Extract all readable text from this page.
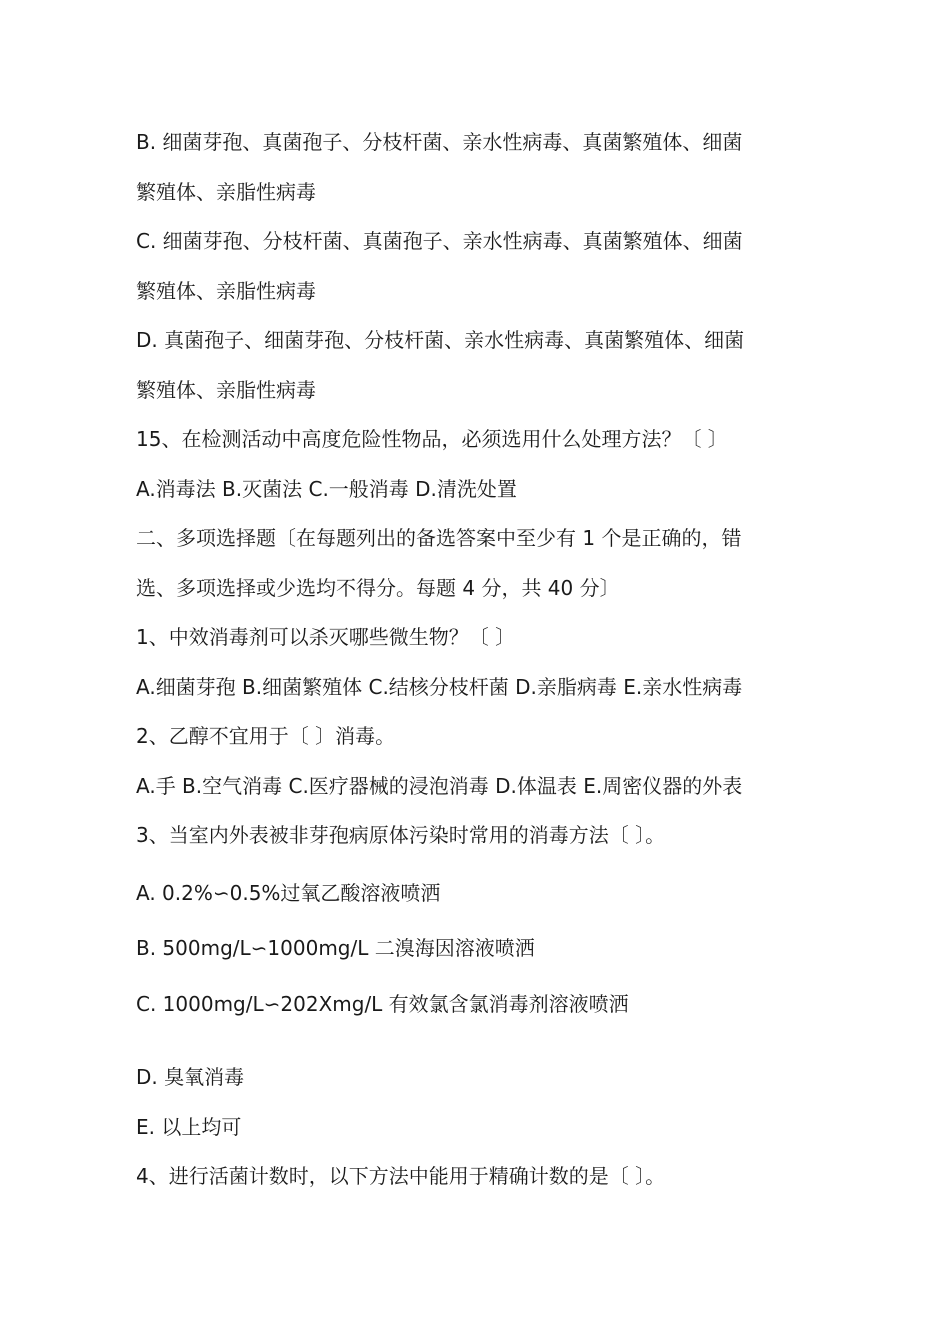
B. 细菌芽孢、真菌孢子、分枝杆菌、亲水性病毒、真菌繁殖体、细菌
繁殖体、亲脂性病毒
C. 细菌芽孢、分枝杆菌、真菌孢子、亲水性病毒、真菌繁殖体、细菌
繁殖体、亲脂性病毒
D. 真菌孢子、细菌芽孢、分枝杆菌、亲水性病毒、真菌繁殖体、细菌
繁殖体、亲脂性病毒
15、在检测活动中高度危险性物品，必须选用什么处理方法？〔 〕
A.消毒法 B.灭菌法 C.一般消毒 D.清洗处置
二、多项选择题〔在每题列出的备选答案中至少有 1 个是正确的，错
选、多项选择或少选均不得分。每题 4 分，共 40 分〕
1、中效消毒剂可以杀灭哪些微生物？〔 〕
A.细菌芽孢 B.细菌繁殖体 C.结核分枝杆菌 D.亲脂病毒 E.亲水性病毒
2、乙醇不宜用于〔 〕消毒。
A.手 B.空气消毒 C.医疗器械的浸泡消毒 D.体温表 E.周密仪器的外表
3、当室内外表被非芽孢病原体污染时常用的消毒方法〔 〕。
A. 0.2%∽0.5%过氧乙酸溶液喷洒
B. 500mg/L∽1000mg/L 二溴海因溶液喷洒
C. 1000mg/L∽202Xmg/L 有效氯含氯消毒剂溶液喷洒
D. 臭氧消毒
E. 以上均可
4、进行活菌计数时，以下方法中能用于精确计数的是〔 〕。
